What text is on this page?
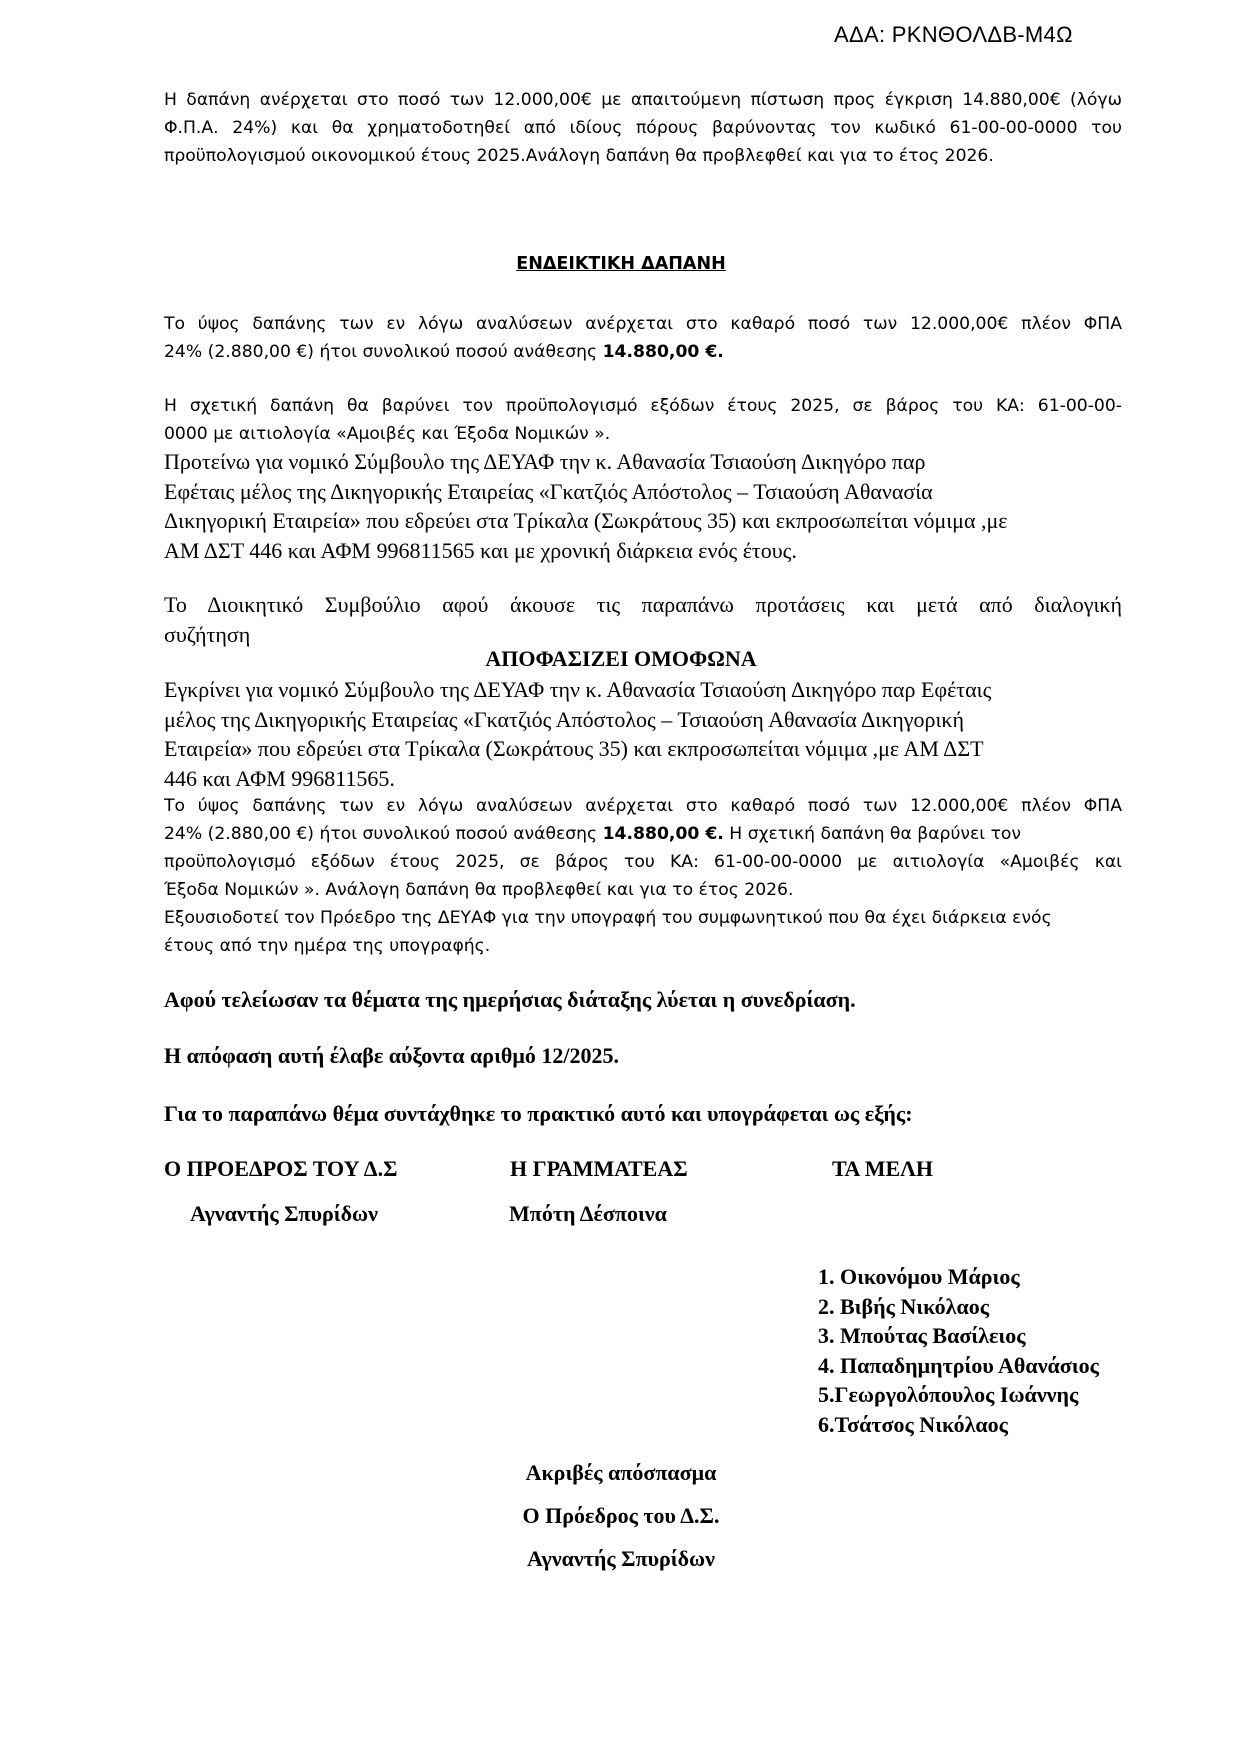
ΑΔΑ: ΡΚΝΘΟΛΔΒ-Μ4Ω
Η δαπάνη ανέρχεται στο ποσό των 12.000,00€ με απαιτούμενη πίστωση προς έγκριση 14.880,00€ (λόγω
Φ.Π.Α. 24%) και θα χρηματοδοτηθεί από ιδίους πόρους βαρύνοντας τον κωδικό 61-00-00-0000 του
προϋπολογισμού οικονομικού έτους 2025.Ανάλογη δαπάνη θα προβλεφθεί και για το έτος 2026.
ΕΝΔΕΙΚΤΙΚΗ ΔΑΠΑΝΗ
Το ύψος δαπάνης των εν λόγω αναλύσεων ανέρχεται στο καθαρό ποσό των 12.000,00€ πλέον ΦΠΑ
24% (2.880,00 €) ήτοι συνολικού ποσού ανάθεσης 14.880,00 €.
Η σχετική δαπάνη θα βαρύνει τον προϋπολογισμό εξόδων έτους 2025, σε βάρος του ΚΑ: 61-00-00-
0000 με αιτιολογία «Αμοιβές και Έξοδα Νομικών ».
Προτείνω για νομικό Σύμβουλο της ΔΕΥΑΦ την κ. Αθανασία Τσιαούση Δικηγόρο παρ
Εφέταις μέλος της Δικηγορικής Εταιρείας «Γκατζιός Απόστολος – Τσιαούση Αθανασία
Δικηγορική Εταιρεία» που εδρεύει στα Τρίκαλα (Σωκράτους 35) και εκπροσωπείται νόμιμα ,με
ΑΜ ΔΣΤ 446 και ΑΦΜ 996811565 και με χρονική διάρκεια ενός έτους.
Το Διοικητικό Συμβούλιο αφού άκουσε τις παραπάνω προτάσεις και μετά από διαλογική
συζήτηση
ΑΠΟΦΑΣΙΖΕΙ ΟΜΟΦΩΝΑ
Εγκρίνει για νομικό Σύμβουλο της ΔΕΥΑΦ την κ. Αθανασία Τσιαούση Δικηγόρο παρ Εφέταις
μέλος της Δικηγορικής Εταιρείας «Γκατζιός Απόστολος – Τσιαούση Αθανασία Δικηγορική
Εταιρεία» που εδρεύει στα Τρίκαλα (Σωκράτους 35) και εκπροσωπείται νόμιμα ,με ΑΜ ΔΣΤ
446 και ΑΦΜ 996811565.
Το ύψος δαπάνης των εν λόγω αναλύσεων ανέρχεται στο καθαρό ποσό των 12.000,00€ πλέον ΦΠΑ
24% (2.880,00 €) ήτοι συνολικού ποσού ανάθεσης 14.880,00 €. Η σχετική δαπάνη θα βαρύνει τον
προϋπολογισμό εξόδων έτους 2025, σε βάρος του ΚΑ: 61-00-00-0000 με αιτιολογία «Αμοιβές και
Έξοδα Νομικών ». Ανάλογη δαπάνη θα προβλεφθεί και για το έτος 2026.
Εξουσιοδοτεί τον Πρόεδρο της ΔΕΥΑΦ για την υπογραφή του συμφωνητικού που θα έχει διάρκεια ενός
έτους από την ημέρα της υπογραφής.
Αφού τελείωσαν τα θέματα της ημερήσιας διάταξης λύεται η συνεδρίαση.
Η απόφαση αυτή έλαβε αύξοντα αριθμό 12/2025.
Για το παραπάνω θέμα συντάχθηκε το πρακτικό αυτό και υπογράφεται ως εξής:
Ο ΠΡΟΕΔΡΟΣ ΤΟΥ Δ.Σ	Η ΓΡΑΜΜΑΤΕΑΣ	ΤΑ ΜΕΛΗ
Αγναντής Σπυρίδων	Μπότη Δέσποινα
1. Οικονόμου Μάριος
2. Βιβής Νικόλαος
3. Μπούτας Βασίλειος
4. Παπαδημητρίου Αθανάσιος
5.Γεωργολόπουλος Ιωάννης
6.Τσάτσος Νικόλαος
Ακριβές απόσπασμα
Ο Πρόεδρος του Δ.Σ.
Αγναντής Σπυρίδων
